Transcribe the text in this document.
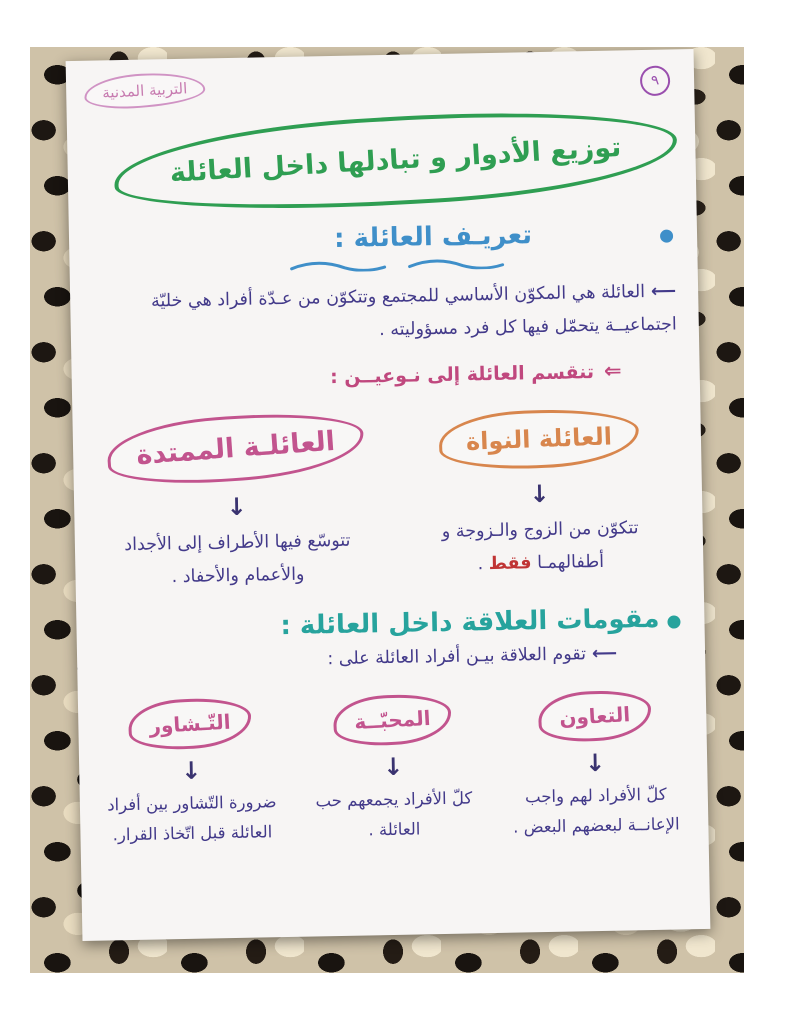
٩
التربية المدنية
توزيع الأدوار و تبادلها داخل العائلة
تعريـف العائلة :
⟵العائلة هي المكوّن الأساسي للمجتمع وتتكوّن من عـدّة أفراد هي خليّة اجتماعيــة يتحمّل فيها كل فرد مسؤوليته .
⇐تنقسم العائلة إلى نـوعيــن :
العائلة النواة
↓
تتكوّن من الزوج والـزوجة و أطفالهمـا فقط .
العائلـة الممتدة
↓
تتوسّع فيها الأطراف إلى الأجداد والأعمام والأحفاد .
مقومات العلاقة داخل العائلة :
⟵تقوم العلاقة بيـن أفراد العائلة على :
التعاون
↓
كلّ الأفراد لهم واجب الإعانــة لبعضهم البعض .
المحبّــة
↓
كلّ الأفراد يجمعهم حب العائلة .
التّـشاور
↓
ضرورة التّشاور بين أفراد العائلة قبل اتّخاذ القرار.
